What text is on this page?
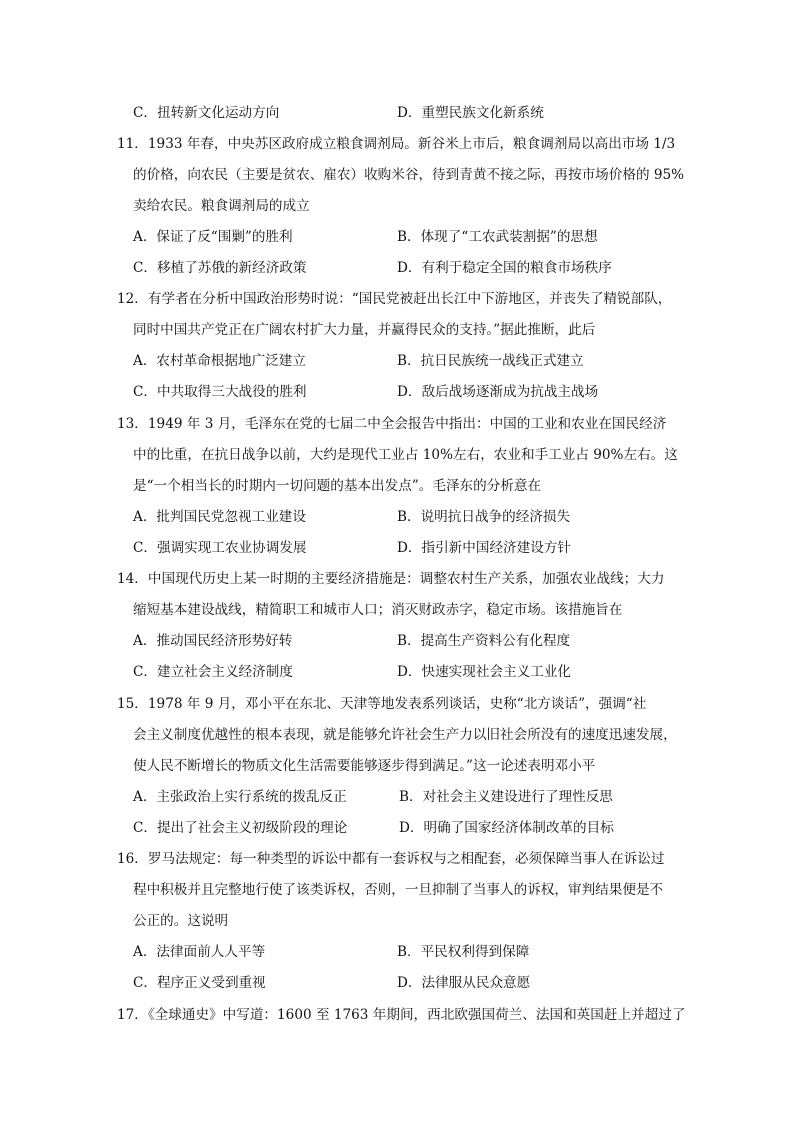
C．扭转新文化运动方向	D．重塑民族文化新系统
11．1933 年春，中央苏区政府成立粮食调剂局。新谷米上市后，粮食调剂局以高出市场 1/3
的价格，向农民（主要是贫农、雇农）收购米谷，待到青黄不接之际，再按市场价格的 95%
卖给农民。粮食调剂局的成立
A．保证了反“围剿”的胜利	B．体现了“工农武装割据”的思想
C．移植了苏俄的新经济政策	D．有利于稳定全国的粮食市场秩序
12．有学者在分析中国政治形势时说：“国民党被赶出长江中下游地区，并丧失了精锐部队，
同时中国共产党正在广阔农村扩大力量，并赢得民众的支持。”据此推断，此后
A．农村革命根据地广泛建立	B．抗日民族统一战线正式建立
C．中共取得三大战役的胜利	D．敌后战场逐渐成为抗战主战场
13．1949 年 3 月，毛泽东在党的七届二中全会报告中指出：中国的工业和农业在国民经济
中的比重，在抗日战争以前，大约是现代工业占 10%左右，农业和手工业占 90%左右。这
是“一个相当长的时期内一切问题的基本出发点”。毛泽东的分析意在
A．批判国民党忽视工业建设	B．说明抗日战争的经济损失
C．强调实现工农业协调发展	D．指引新中国经济建设方针
14．中国现代历史上某一时期的主要经济措施是：调整农村生产关系，加强农业战线；大力
缩短基本建设战线，精简职工和城市人口；消灭财政赤字，稳定市场。该措施旨在
A．推动国民经济形势好转	B．提高生产资料公有化程度
C．建立社会主义经济制度	D．快速实现社会主义工业化
15．1978 年 9 月，邓小平在东北、天津等地发表系列谈话，史称“北方谈话”，强调“社
会主义制度优越性的根本表现，就是能够允许社会生产力以旧社会所没有的速度迅速发展，
使人民不断增长的物质文化生活需要能够逐步得到满足。”这一论述表明邓小平
A．主张政治上实行系统的拨乱反正	B．对社会主义建设进行了理性反思
C．提出了社会主义初级阶段的理论	D．明确了国家经济体制改革的目标
16．罗马法规定：每一种类型的诉讼中都有一套诉权与之相配套，必须保障当事人在诉讼过
程中积极并且完整地行使了该类诉权，否则，一旦抑制了当事人的诉权，审判结果便是不
公正的。这说明
A．法律面前人人平等	B．平民权利得到保障
C．程序正义受到重视	D．法律服从民众意愿
17．《全球通史》中写道：1600 至 1763 年期间，西北欧强国荷兰、法国和英国赶上并超过了
